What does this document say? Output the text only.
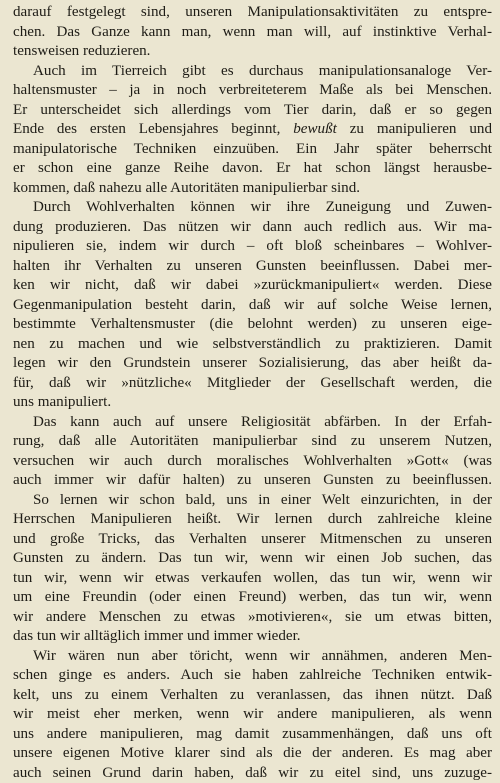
darauf festgelegt sind, unseren Manipulationsaktivitäten zu entspre-
chen. Das Ganze kann man, wenn man will, auf instinktive Verhal-
tensweisen reduzieren.
Auch im Tierreich gibt es durchaus manipulationsanaloge Ver-
haltensmuster – ja in noch verbreiteterem Maße als bei Menschen.
Er unterscheidet sich allerdings vom Tier darin, daß er so gegen
Ende des ersten Lebensjahres beginnt, bewußt zu manipulieren und
manipulatorische Techniken einzuüben. Ein Jahr später beherrscht
er schon eine ganze Reihe davon. Er hat schon längst herausbe-
kommen, daß nahezu alle Autoritäten manipulierbar sind.
Durch Wohlverhalten können wir ihre Zuneigung und Zuwen-
dung produzieren. Das nützen wir dann auch redlich aus. Wir ma-
nipulieren sie, indem wir durch – oft bloß scheinbares – Wohlver-
halten ihr Verhalten zu unseren Gunsten beeinflussen. Dabei mer-
ken wir nicht, daß wir dabei »zurückmanipuliert« werden. Diese
Gegenmanipulation besteht darin, daß wir auf solche Weise lernen,
bestimmte Verhaltensmuster (die belohnt werden) zu unseren eige-
nen zu machen und wie selbstverständlich zu praktizieren. Damit
legen wir den Grundstein unserer Sozialisierung, das aber heißt da-
für, daß wir »nützliche« Mitglieder der Gesellschaft werden, die
uns manipuliert.
Das kann auch auf unsere Religiosität abfärben. In der Erfah-
rung, daß alle Autoritäten manipulierbar sind zu unserem Nutzen,
versuchen wir auch durch moralisches Wohlverhalten »Gott« (was
auch immer wir dafür halten) zu unseren Gunsten zu beeinflussen.
So lernen wir schon bald, uns in einer Welt einzurichten, in der
Herrschen Manipulieren heißt. Wir lernen durch zahlreiche kleine
und große Tricks, das Verhalten unserer Mitmenschen zu unseren
Gunsten zu ändern. Das tun wir, wenn wir einen Job suchen, das
tun wir, wenn wir etwas verkaufen wollen, das tun wir, wenn wir
um eine Freundin (oder einen Freund) werben, das tun wir, wenn
wir andere Menschen zu etwas »motivieren«, sie um etwas bitten,
das tun wir alltäglich immer und immer wieder.
Wir wären nun aber töricht, wenn wir annähmen, anderen Men-
schen ginge es anders. Auch sie haben zahlreiche Techniken entwik-
kelt, uns zu einem Verhalten zu veranlassen, das ihnen nützt. Daß
wir meist eher merken, wenn wir andere manipulieren, als wenn
uns andere manipulieren, mag damit zusammenhängen, daß uns oft
unsere eigenen Motive klarer sind als die der anderen. Es mag aber
auch seinen Grund darin haben, daß wir zu eitel sind, uns zuzuge-
